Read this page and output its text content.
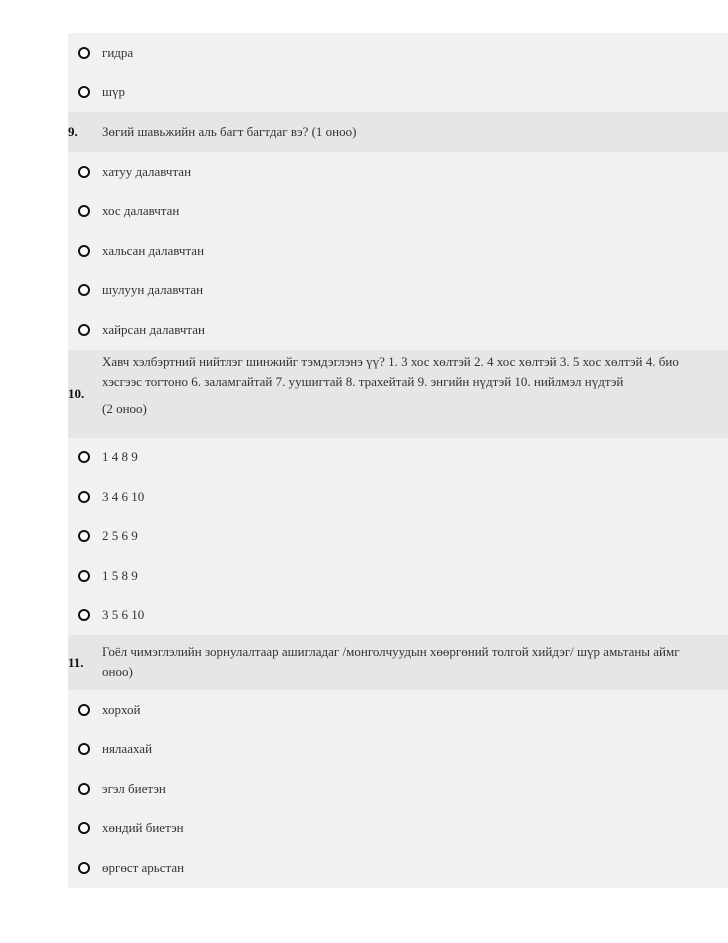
гидра
шүр
9. Зөгий шавьжийн аль багт багтдаг вэ? (1 оноо)
хатуу далавчтан
хос далавчтан
хальсан далавчтан
шулуун далавчтан
хайрсан далавчтан
10.
Хавч хэлбэртний нийтлэг шинжийг тэмдэглэнэ үү? 1. 3 хос хөлтэй 2. 4 хос хөлтэй 3. 5 хос хөлтэй 4. био
хэсгээс тогтоно 6. заламгайтай 7. уушигтай 8. трахейтай 9. энгийн нүдтэй 10. нийлмэл нүдтэй
(2 оноо)
1 4 8 9
3 4 6 10
2 5 6 9
1 5 8 9
3 5 6 10
11.
Гоёл чимэглэлийн зорнулалтаар ашигладаг /монголчуудын хөөргөний толгой хийдэг/ шүр амьтаны аймг
оноо)
хорхой
нялаахай
эгэл биетэн
хөндий биетэн
өргөст арьстан
